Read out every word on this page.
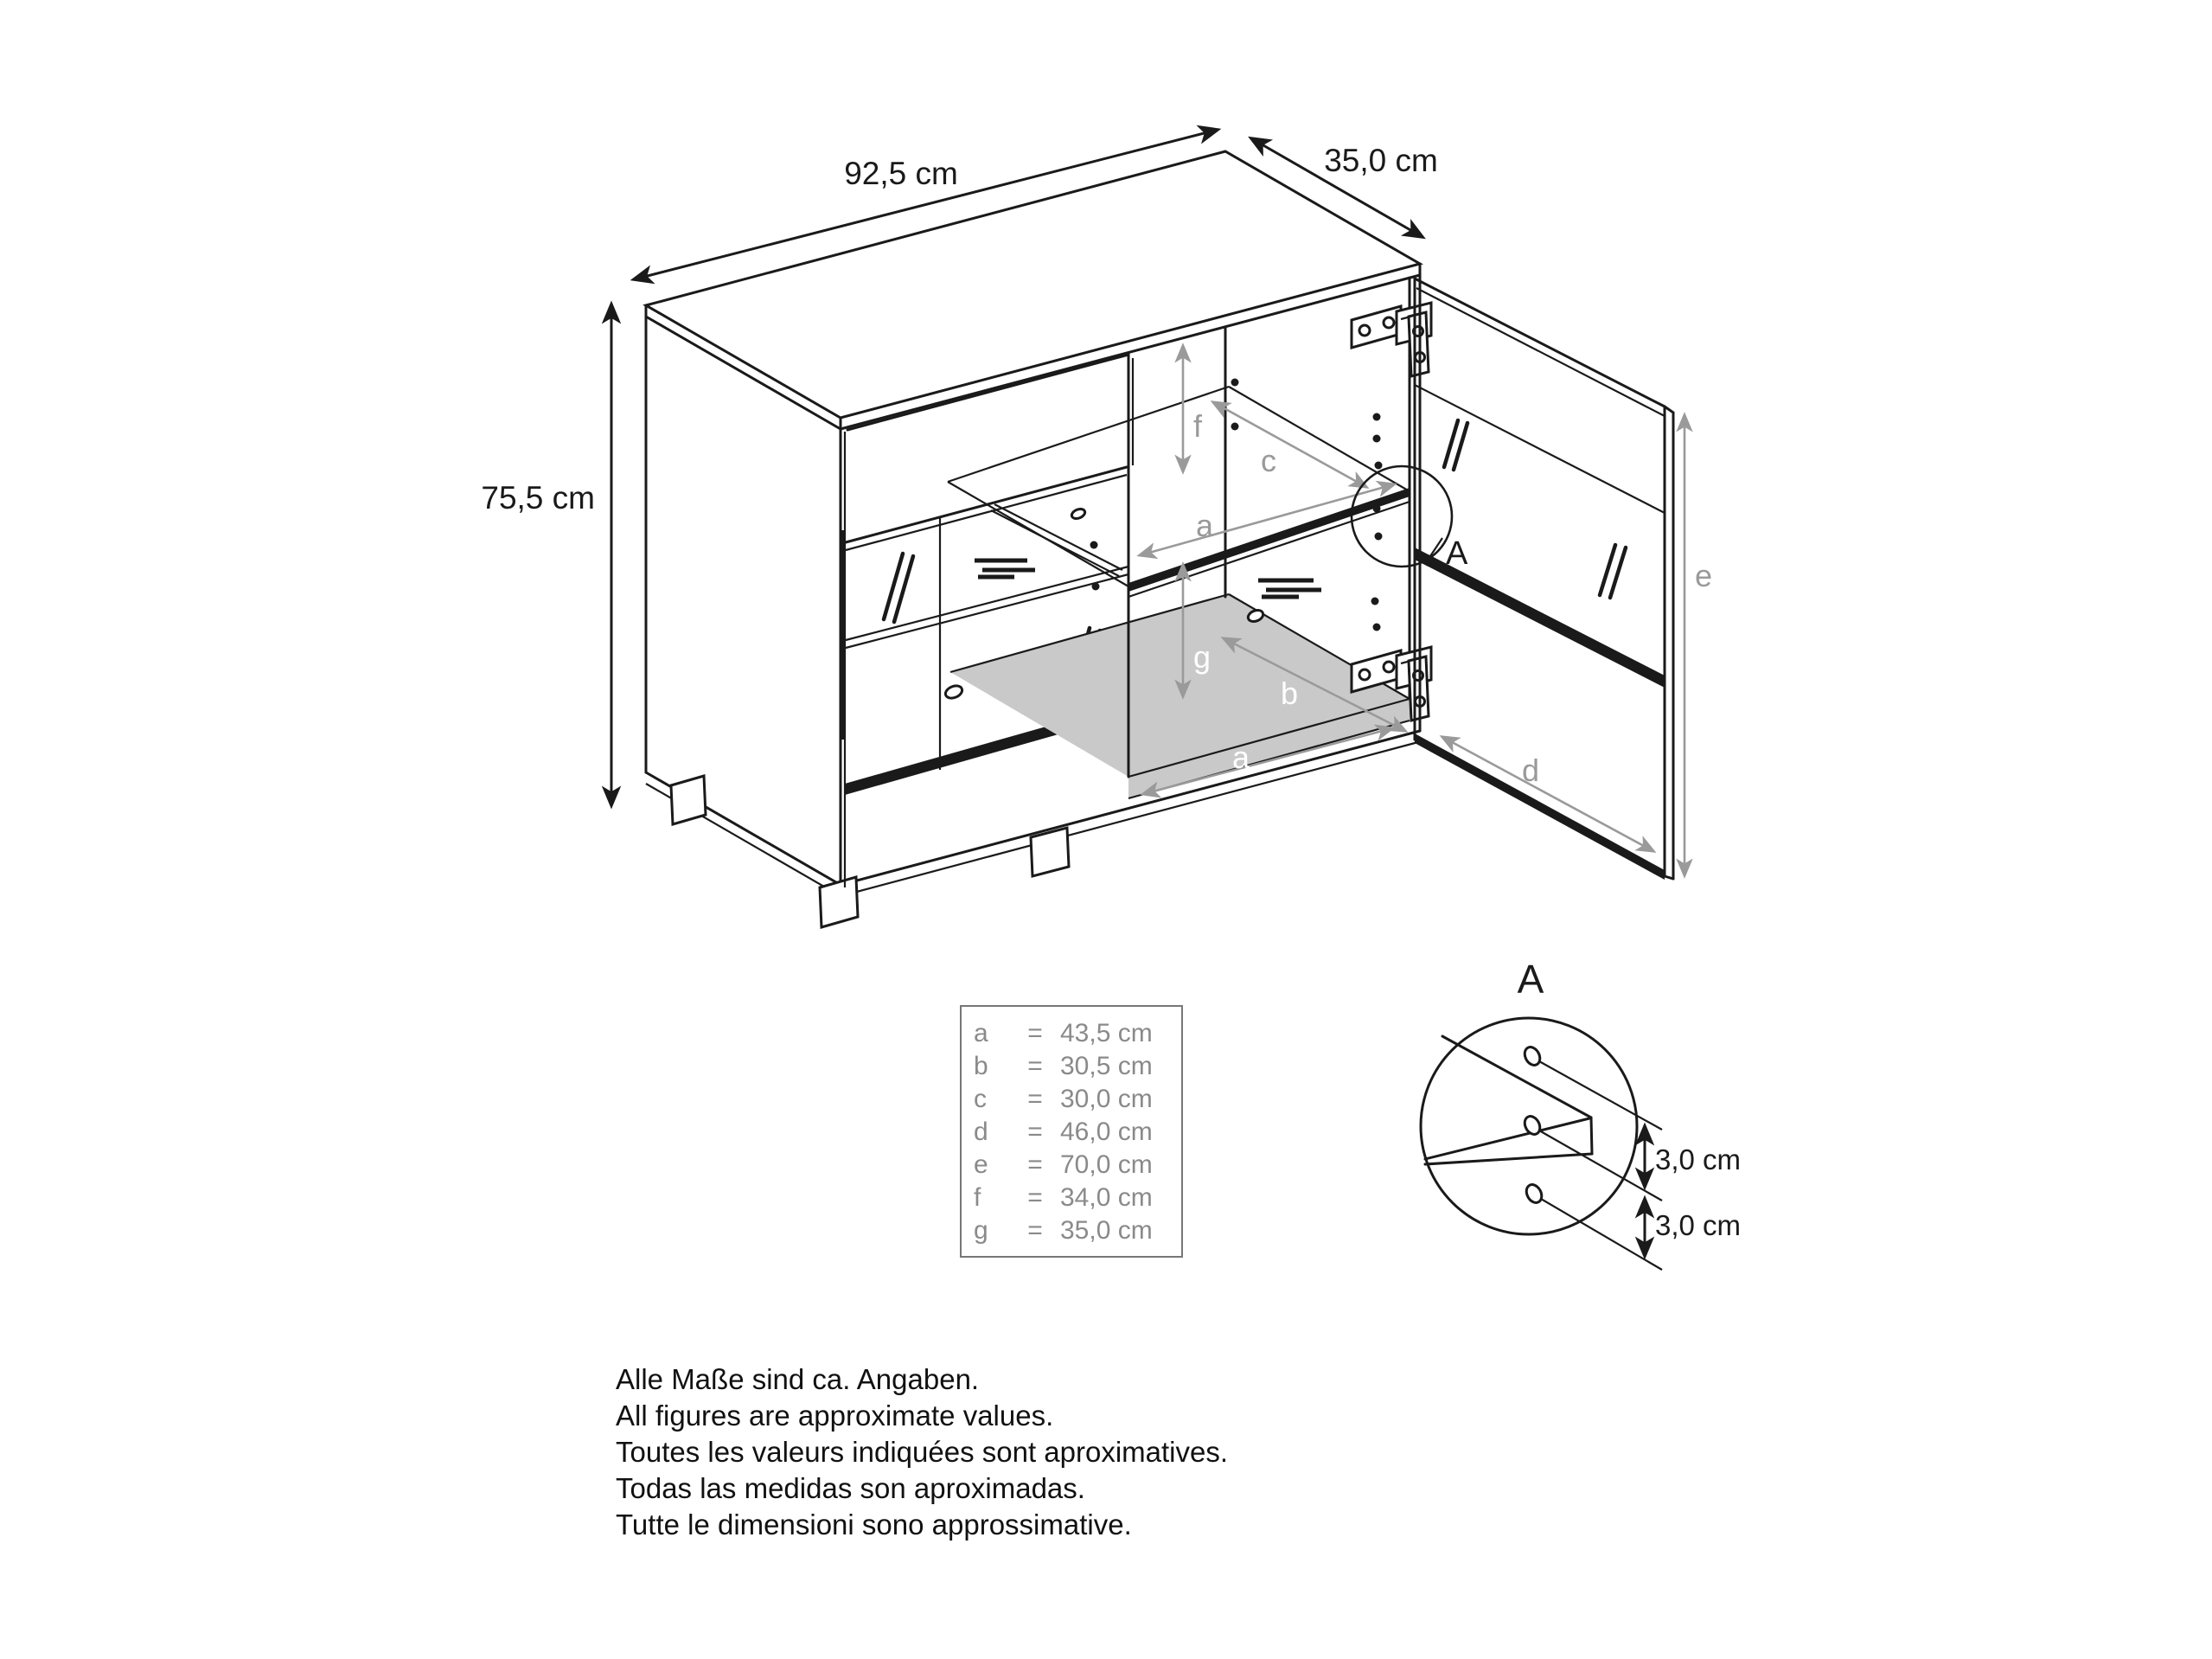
92,5 cm	35,0 cm
75,5 cm
f
c
a
g
b
a
A
d
e
A
3,0 cm
3,0 cm
a	= 43,5 cm
b	= 30,5 cm
c	= 30,0 cm
d	= 46,0 cm
e	= 70,0 cm
f	= 34,0 cm
g	= 35,0 cm

Alle Maße sind ca. Angaben.

All figures are approximate values.

Toutes les valeurs indiquées sont aproximatives.

Todas las medidas son aproximadas.

Tutte le dimensioni sono approssimative.
